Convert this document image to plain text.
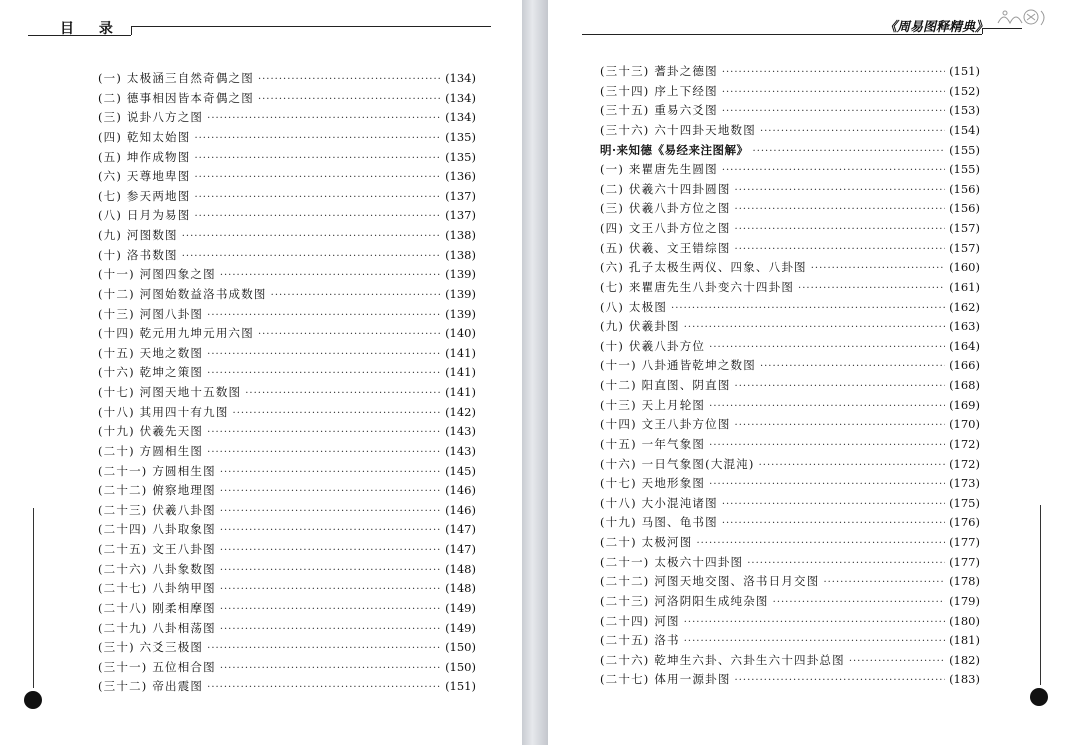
目 录
(一) 太极涵三自然奇偶之图 ·····	(134)
(二) 德事相因皆本奇偶之图 ·····	(134)
(三) 说卦八方之图 ·····	(134)
(四) 乾知太始图 ·····	(135)
(五) 坤作成物图 ·····	(135)
(六) 天尊地卑图 ·····	(136)
(七) 参天两地图 ·····	(137)
(八) 日月为易图 ·····	(137)
(九) 河图数图 ·····	(138)
(十) 洛书数图 ·····	(138)
(十一) 河图四象之图 ·····	(139)
(十二) 河图始数益洛书成数图 ·····	(139)
(十三) 河图八卦图 ·····	(139)
(十四) 乾元用九坤元用六图 ·····	(140)
(十五) 天地之数图 ·····	(141)
(十六) 乾坤之策图 ·····	(141)
(十七) 河图天地十五数图 ·····	(141)
(十八) 其用四十有九图 ·····	(142)
(十九) 伏羲先天图 ·····	(143)
(二十) 方圆相生图 ·····	(143)
(二十一) 方圆相生图 ·····	(145)
(二十二) 俯察地理图 ·····	(146)
(二十三) 伏羲八卦图 ·····	(146)
(二十四) 八卦取象图 ·····	(147)
(二十五) 文王八卦图 ·····	(147)
(二十六) 八卦象数图 ·····	(148)
(二十七) 八卦纳甲图 ·····	(148)
(二十八) 刚柔相摩图 ·····	(149)
(二十九) 八卦相荡图 ·····	(149)
(三十) 六爻三极图 ·····	(150)
(三十一) 五位相合图 ·····	(150)
(三十二) 帝出震图 ·····	(151)
《周易图释精典》
(三十三) 蓍卦之德图 ·····	(151)
(三十四) 序上下经图 ·····	(152)
(三十五) 重易六爻图 ·····	(153)
(三十六) 六十四卦天地数图 ·····	(154)
明·来知德《易经来注图解》 ·····	(155)
(一) 来瞿唐先生圆图 ·····	(155)
(二) 伏羲六十四卦圆图 ·····	(156)
(三) 伏羲八卦方位之图 ·····	(156)
(四) 文王八卦方位之图 ·····	(157)
(五) 伏羲、文王错综图 ·····	(157)
(六) 孔子太极生两仪、四象、八卦图 ·····	(160)
(七) 来瞿唐先生八卦变六十四卦图 ·····	(161)
(八) 太极图 ·····	(162)
(九) 伏羲卦图 ·····	(163)
(十) 伏羲八卦方位 ·····	(164)
(十一) 八卦通皆乾坤之数图 ·····	(166)
(十二) 阳直图、阴直图 ·····	(168)
(十三) 天上月轮图 ·····	(169)
(十四) 文王八卦方位图 ·····	(170)
(十五) 一年气象图 ·····	(172)
(十六) 一日气象图(大混沌) ·····	(172)
(十七) 天地形象图 ·····	(173)
(十八) 大小混沌诸图 ·····	(175)
(十九) 马图、龟书图 ·····	(176)
(二十) 太极河图 ·····	(177)
(二十一) 太极六十四卦图 ·····	(177)
(二十二) 河图天地交图、洛书日月交图 ·····	(178)
(二十三) 河洛阴阳生成纯杂图 ·····	(179)
(二十四) 河图 ·····	(180)
(二十五) 洛书 ·····	(181)
(二十六) 乾坤生六卦、六卦生六十四卦总图 ·····	(182)
(二十七) 体用一源卦图 ·····	(183)
